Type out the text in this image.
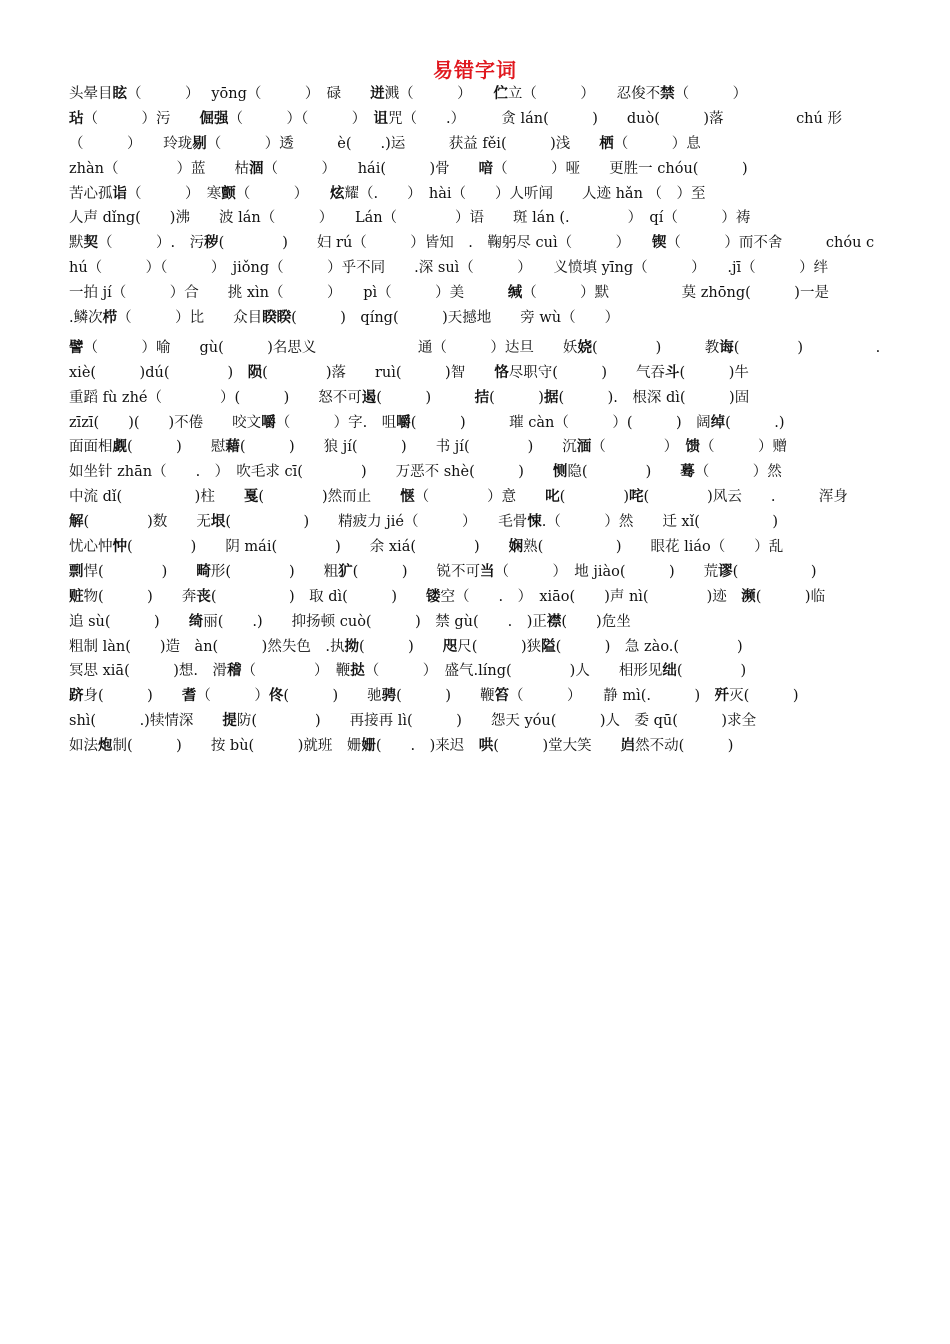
易错字词
头晕目眩（　　　）　 yōng（　　　）　碌　　迸溅（　　　）　　伫立（　　　）　　忍俊不禁（　　　）
玷（　　　）污　　倔强（　　　）（　　　）　诅咒（　　.）　　　贪 lán(　　　)　　duò(　　　)落　　　　　chú 形
（　　　）　　玲珑剔（　　　）透　　　è(　　.)运　　　获益 fěi(　　　)浅　　栖（　　　）息
zhàn（　　　　）蓝　　枯涸（　　　）　　hái(　　　)骨　　喑（　　　）哑　　更胜一 chóu(　　　)
苦心孤诣（　　　）　寒颤（　　　）　　炫耀（.　　）　hài（　　）人听闻　　人迹 hǎn （　）至
人声 dǐng(　　)沸　　波 lán（　　　）　　Lán（　　　　）语　　斑 lán (.　　　　）　qí（　　　）祷
默契（　　　）.　污秽(　　　　)　　妇 rú（　　　）皆知　.　鞠躬尽 cuì（　　　）　　锲（　　　）而不舍　　　chóu c
hú（　　　）（　　　）　jiǒng（　　　）乎不同　　.深 suì（　　　）　　义愤填 yīng（　　　）　　.jī（　　　）绊
一拍 jí（　　　）合　　挑 xìn（　　　）　　pì（　　　）美　　　缄（　　　）默　　　　　莫 zhōng(　　　)一是
.鳞次栉（　　　）比　　众目睽睽(　　　)　qíng(　　　)天撼地　　旁 wù（　　）
譬（　　　）喻　　gù(　　　)名思义　　　　　　　通（　　　）达旦　　妖娆(　　　　)　　　教诲(　　　　)　　　　　.
xiè(　　　)dú(　　　　)　陨(　　　　)落　　ruì(　　　)智　　恪尽职守(　　　)　　气吞斗(　　　)牛
重蹈 fù zhé（　　　　）(　　　)　　怒不可遏(　　　)　　　拮(　　　)据(　　　).　根深 dì(　　　)固
zīzī(　　)(　　)不倦　　咬文嚼（　　　）字.　咀嚼(　　　)　　　璀 càn（　　　）(　　　)　阔绰(　　　.)
面面相觑(　　　)　　慰藉(　　　)　　狼 jí(　　　)　　书 jí(　　　　)　　沉湎（　　　　）　馈（　　　）赠
如坐针 zhān（　　.　）　吹毛求 cī(　　　　)　　万恶不 shè(　　　)　　恻隐(　　　　)　　蓦（　　　）然
中流 dǐ(　　　　　)柱　　戛(　　　　)然而止　　惬（　　　　）意　　叱(　　　　)咤(　　　　)风云　　.　　　浑身
解(　　　　)数　　无垠(　　　　　)　　精疲力 jié（　　　）　　毛骨悚.（　　　）然　　迁 xǐ(　　　　　)
忧心忡忡(　　　　)　　阴 mái(　　　　)　　余 xiá(　　　　)　　娴熟(　　　　　)　　眼花 liáo（　　）乱
剽悍(　　　　)　　畸形(　　　　)　　粗犷(　　　)　　锐不可当（　　　）　地 jiào(　　　)　　荒谬(　　　　　)
赃物(　　　)　　奔丧(　　　　　)　取 dì(　　　)　　镂空（　　.　）　xiāo(　　)声 nì(　　　　)迹　濒(　　　)临
追 sù(　　　)　　绮丽(　　.)　　抑扬顿 cuò(　　　)　禁 gù(　　.　)正襟(　　)危坐
粗制 làn(　　)造　àn(　　　)然失色　.执拗(　　　)　　咫尺(　　　)狭隘(　　　)　急 zào.(　　　　)
冥思 xiā(　　　)想.　滑稽（　　　　）　鞭挞（　　　）　盛气.líng(　　　　)人　　相形见绌(　　　　)
跻身(　　　)　　耆（　　　）佟(　　　)　　驰骋(　　　)　　鞭笞（　　　）　　静 mì(.　　　)　歼灭(　　　)
shì(　　　.)犊情深　　提防(　　　　)　　再接再 lì(　　　)　　怨天 yóu(　　　)人　委 qū(　　　)求全
如法炮制(　　　)　　按 bù(　　　)就班　姗姗(　　.　)来迟　哄(　　　)堂大笑　　岿然不动(　　　)
